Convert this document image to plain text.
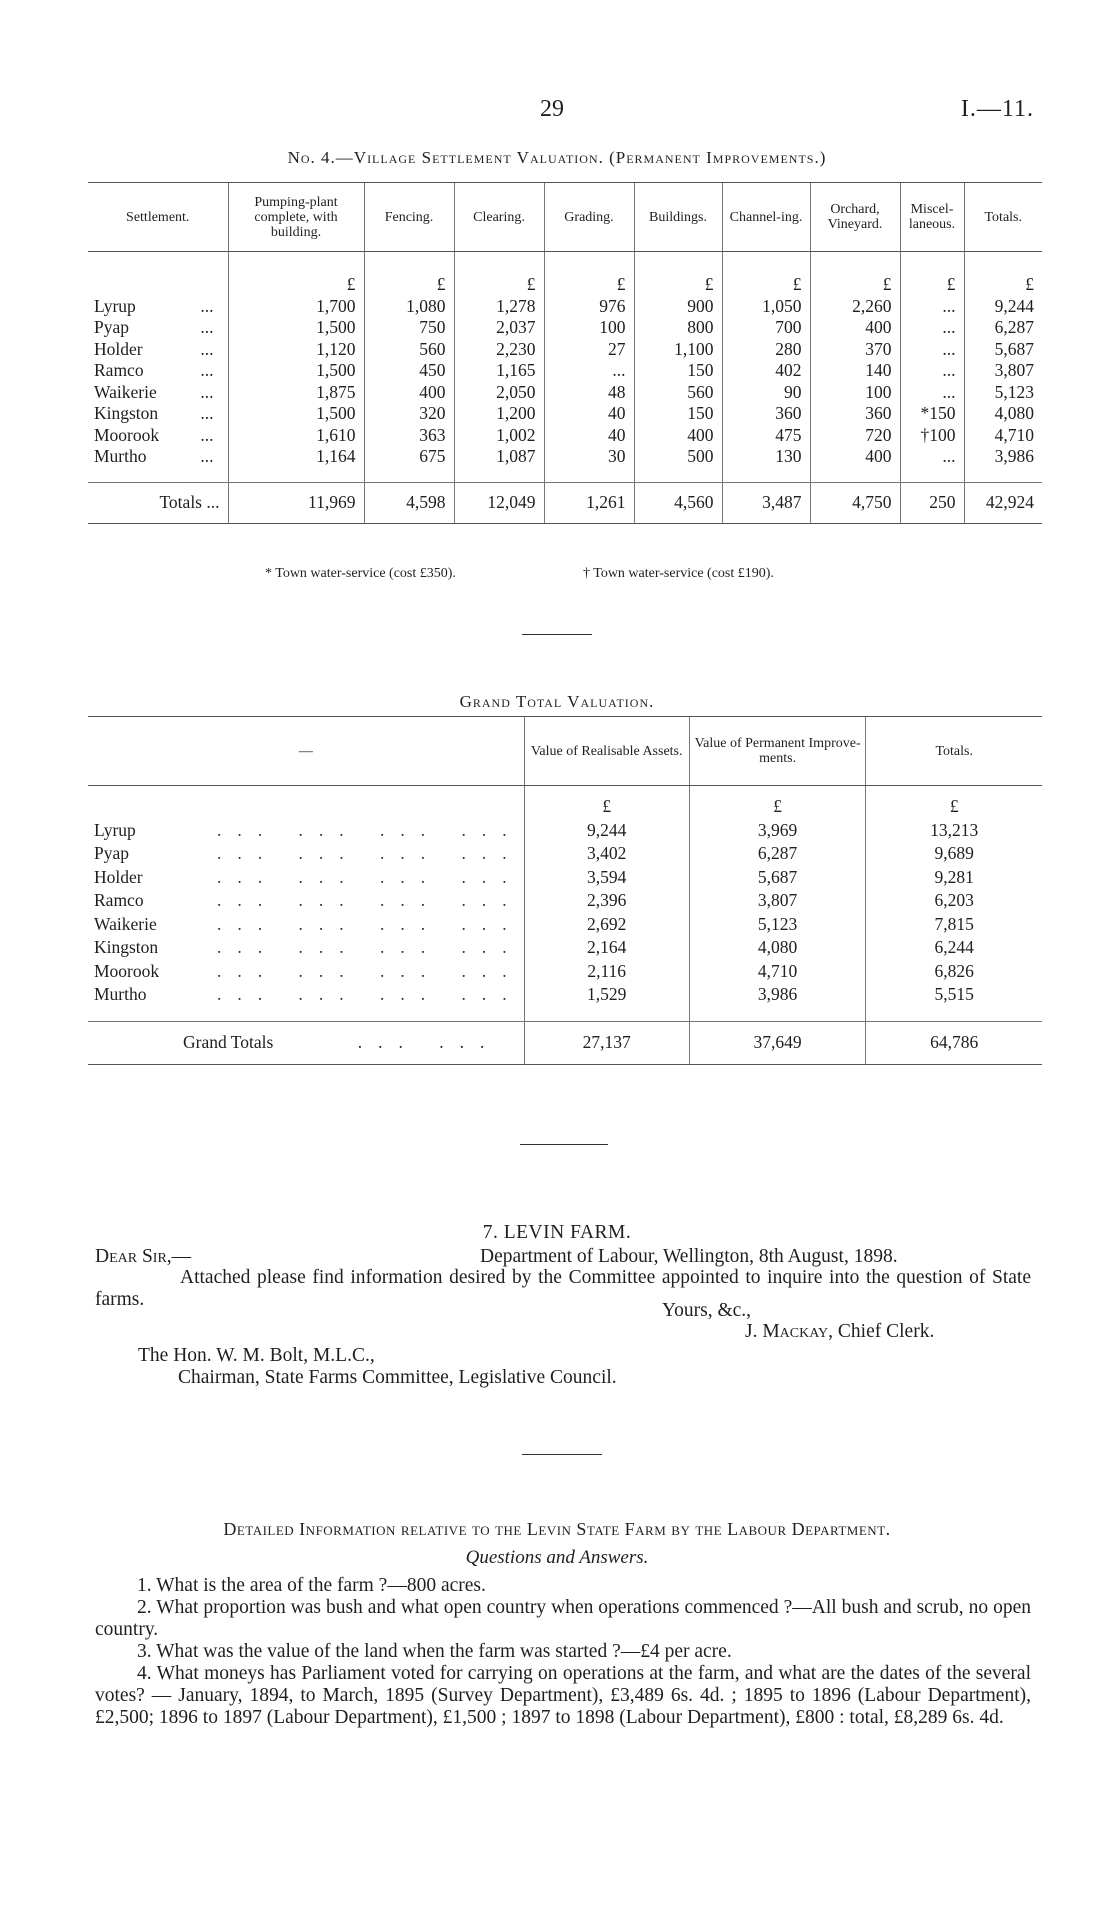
29	I.—11.
No. 4.—Village Settlement Valuation. (Permanent Improvements.)
Settlement.	Pumping-plant complete, with building.	Fencing.	Clearing.	Grading.	Buildings.	Channel-ing.	Orchard, Vineyard.	Miscel-laneous.	Totals.
	£	£	£	£	£	£	£	£	£
Lyrup ...	1,700	1,080	1,278	976	900	1,050	2,260	...	9,244
Pyap ...	1,500	750	2,037	100	800	700	400	...	6,287
Holder ...	1,120	560	2,230	27	1,100	280	370	...	5,687
Ramco ...	1,500	450	1,165	...	150	402	140	...	3,807
Waikerie ...	1,875	400	2,050	48	560	90	100	...	5,123
Kingston ...	1,500	320	1,200	40	150	360	360	*150	4,080
Moorook ...	1,610	363	1,002	40	400	475	720	†100	4,710
Murtho ...	1,164	675	1,087	30	500	130	400	...	3,986

Totals ...	11,969	4,598	12,049	1,261	4,560	3,487	4,750	250	42,924
* Town water-service (cost £350).	† Town water-service (cost £190).
Grand Total Valuation.
—	Value of Realisable Assets.	Value of Permanent Improve-ments.	Totals.
	£	£	£
Lyrup ... ... ... ...	9,244	3,969	13,213
Pyap ... ... ... ...	3,402	6,287	9,689
Holder ... ... ... ...	3,594	5,687	9,281
Ramco ... ... ... ...	2,396	3,807	6,203
Waikerie ... ... ... ...	2,692	5,123	7,815
Kingston ... ... ... ...	2,164	4,080	6,244
Moorook ... ... ... ...	2,116	4,710	6,826
Murtho ... ... ... ...	1,529	3,986	5,515

Grand Totals ... ...	27,137	37,649	64,786
7. LEVIN FARM.
Dear Sir,—	Department of Labour, Wellington, 8th August, 1898.
Attached please find information desired by the Committee appointed to inquire into the question of State farms.
Yours, &c.,
J. Mackay, Chief Clerk.
The Hon. W. M. Bolt, M.L.C.,
Chairman, State Farms Committee, Legislative Council.
Detailed Information relative to the Levin State Farm by the Labour Department.
Questions and Answers.

1. What is the area of the farm ?—800 acres.

2. What proportion was bush and what open country when operations commenced ?—All bush and scrub, no open country.

3. What was the value of the land when the farm was started ?—£4 per acre.

4. What moneys has Parliament voted for carrying on operations at the farm, and what are the dates of the several votes? — January, 1894, to March, 1895 (Survey Department), £3,489 6s. 4d. ; 1895 to 1896 (Labour Department), £2,500; 1896 to 1897 (Labour Department), £1,500 ; 1897 to 1898 (Labour Department), £800 : total, £8,289 6s. 4d.
